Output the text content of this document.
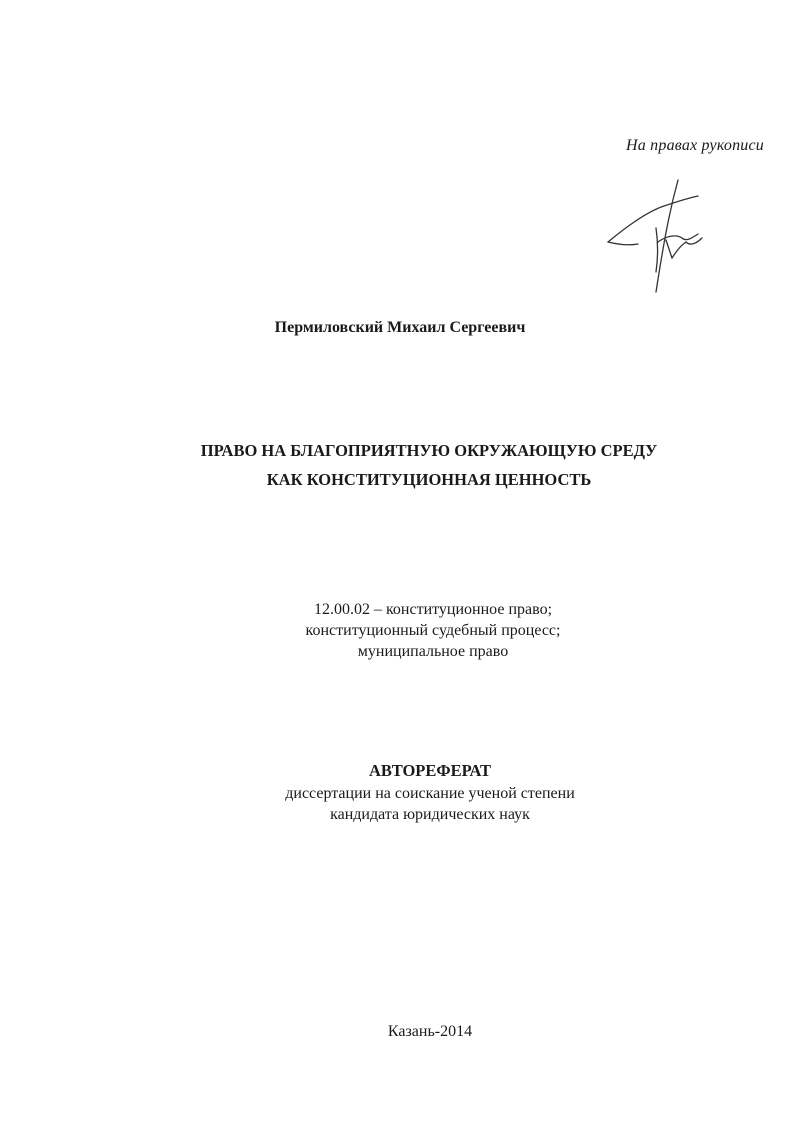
На правах рукописи
Пермиловский Михаил Сергеевич
ПРАВО НА БЛАГОПРИЯТНУЮ ОКРУЖАЮЩУЮ СРЕДУ
КАК КОНСТИТУЦИОННАЯ ЦЕННОСТЬ
12.00.02 – конституционное право;
конституционный судебный процесс;
муниципальное право
АВТОРЕФЕРАТ
диссертации на соискание ученой степени
кандидата юридических наук
Казань-2014
